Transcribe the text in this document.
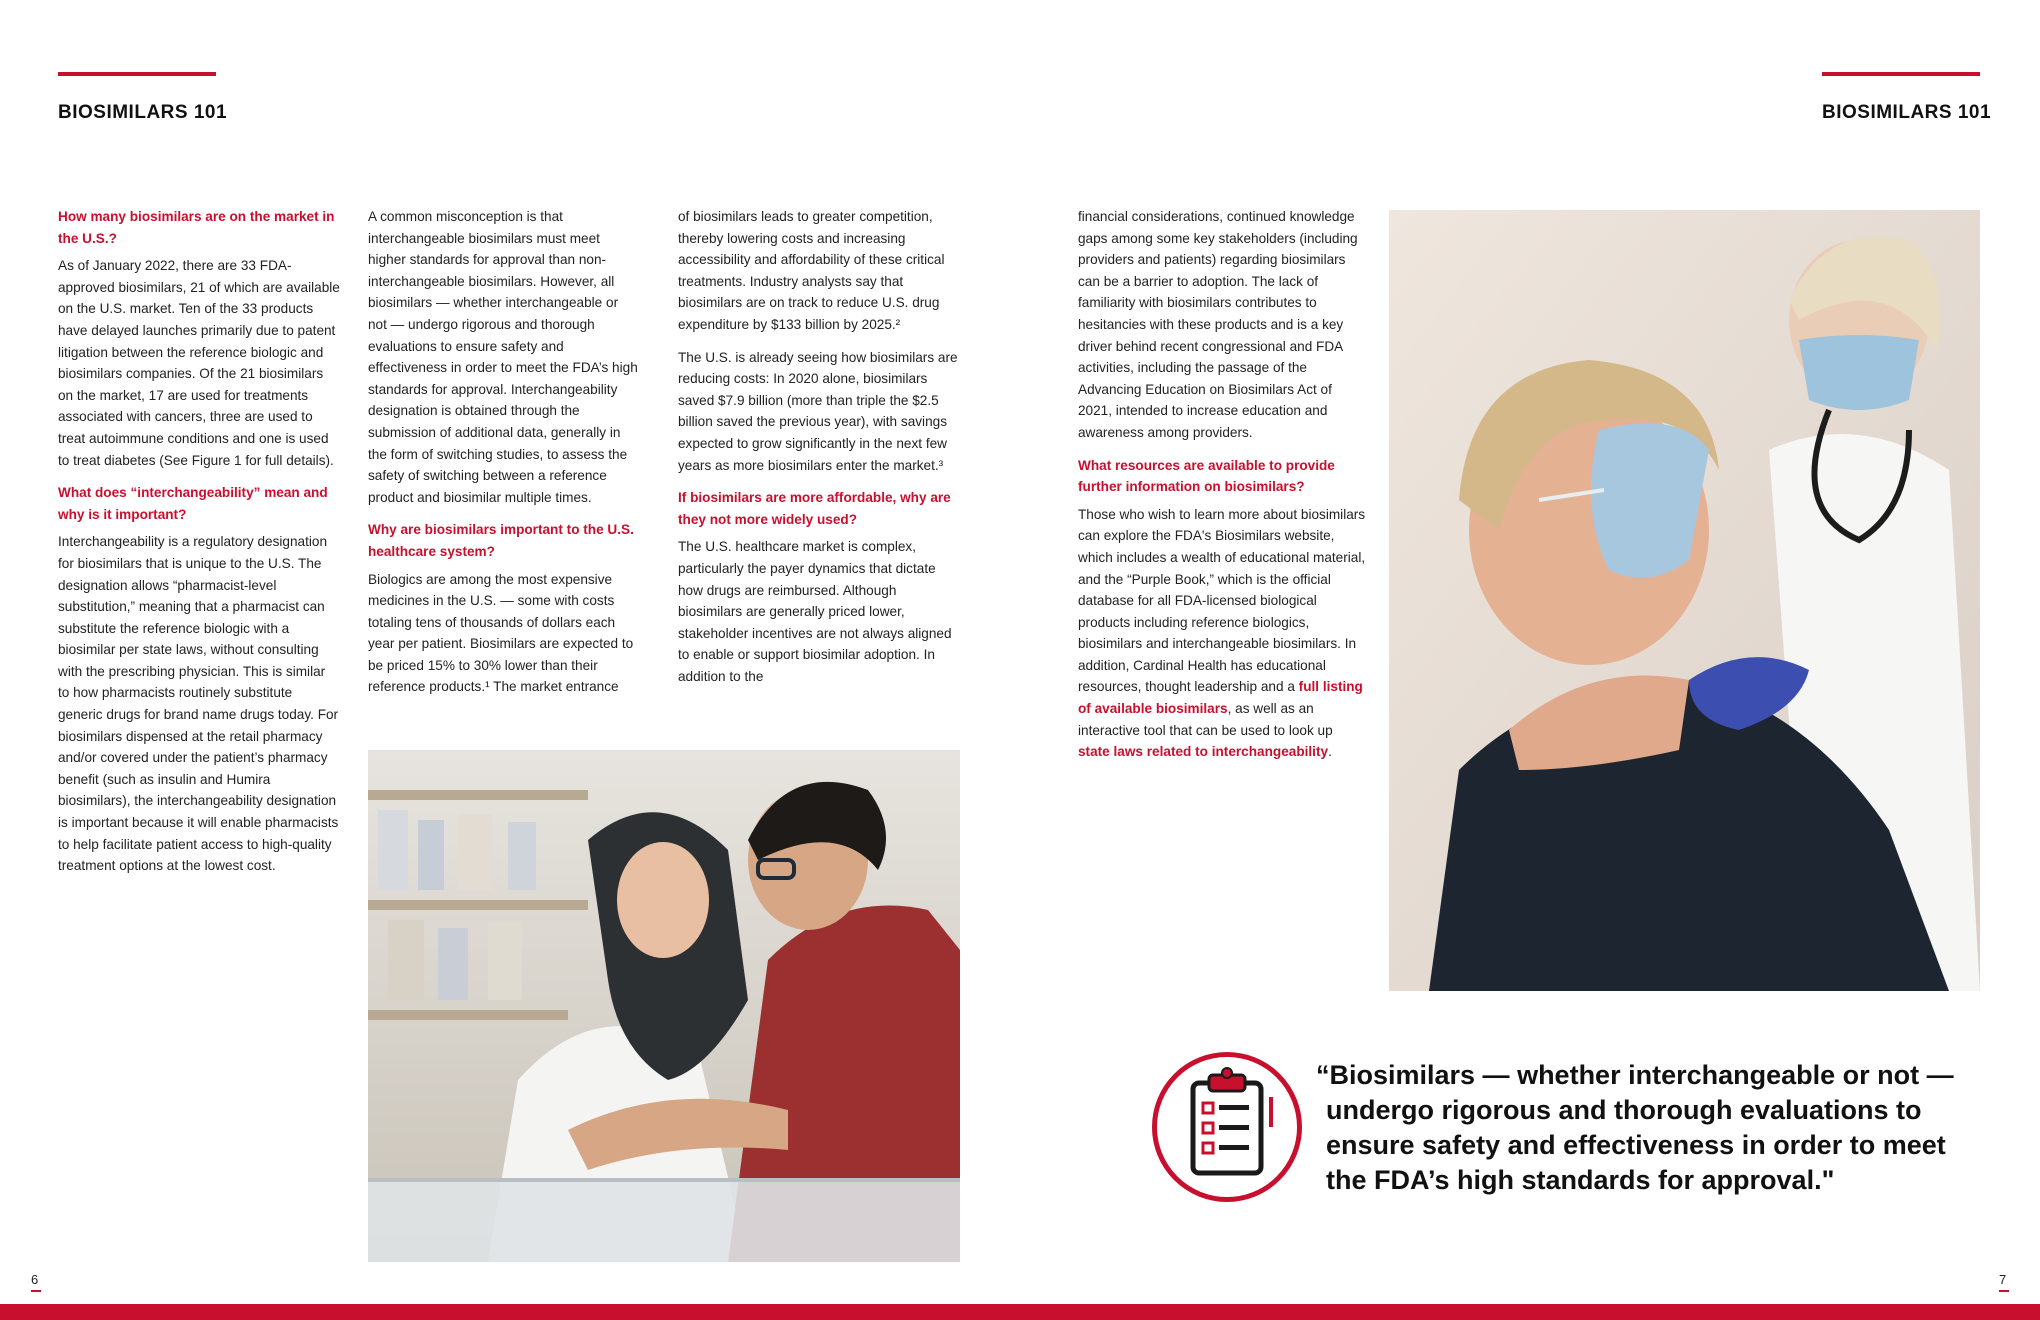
BIOSIMILARS 101	BIOSIMILARS 101

How many biosimilars are on the market in the U.S.?

As of January 2022, there are 33 FDA-approved biosimilars, 21 of which are available on the U.S. market. Ten of the 33 products have delayed launches primarily due to patent litigation between the reference biologic and biosimilars companies. Of the 21 biosimilars on the market, 17 are used for treatments associated with cancers, three are used to treat autoimmune conditions and one is used to treat diabetes (See Figure 1 for full details).

What does “interchangeability” mean and why is it important?

Interchangeability is a regulatory designation for biosimilars that is unique to the U.S. The designation allows “pharmacist-level substitution,” meaning that a pharmacist can substitute the reference biologic with a biosimilar per state laws, without consulting with the prescribing physician. This is similar to how pharmacists routinely substitute generic drugs for brand name drugs today. For biosimilars dispensed at the retail pharmacy and/or covered under the patient’s pharmacy benefit (such as insulin and Humira biosimilars), the interchangeability designation is important because it will enable pharmacists to help facilitate patient access to high-quality treatment options at the lowest cost.

A common misconception is that interchangeable biosimilars must meet higher standards for approval than non-interchangeable biosimilars. However, all biosimilars — whether interchangeable or not — undergo rigorous and thorough evaluations to ensure safety and effectiveness in order to meet the FDA’s high standards for approval. Interchangeability designation is obtained through the submission of additional data, generally in the form of switching studies, to assess the safety of switching between a reference product and biosimilar multiple times.

Why are biosimilars important to the U.S. healthcare system?

Biologics are among the most expensive medicines in the U.S. — some with costs totaling tens of thousands of dollars each year per patient. Biosimilars are expected to be priced 15% to 30% lower than their reference products.¹ The market entrance

of biosimilars leads to greater competition, thereby lowering costs and increasing accessibility and affordability of these critical treatments. Industry analysts say that biosimilars are on track to reduce U.S. drug expenditure by $133 billion by 2025.²

The U.S. is already seeing how biosimilars are reducing costs: In 2020 alone, biosimilars saved $7.9 billion (more than triple the $2.5 billion saved the previous year), with savings expected to grow significantly in the next few years as more biosimilars enter the market.³

If biosimilars are more affordable, why are they not more widely used?

The U.S. healthcare market is complex, particularly the payer dynamics that dictate how drugs are reimbursed. Although biosimilars are generally priced lower, stakeholder incentives are not always aligned to enable or support biosimilar adoption. In addition to the

financial considerations, continued knowledge gaps among some key stakeholders (including providers and patients) regarding biosimilars can be a barrier to adoption. The lack of familiarity with biosimilars contributes to hesitancies with these products and is a key driver behind recent congressional and FDA activities, including the passage of the Advancing Education on Biosimilars Act of 2021, intended to increase education and awareness among providers.

What resources are available to provide further information on biosimilars?

Those who wish to learn more about biosimilars can explore the FDA's Biosimilars website, which includes a wealth of educational material, and the “Purple Book,” which is the official database for all FDA-licensed biological products including reference biologics, biosimilars and interchangeable biosimilars. In addition, Cardinal Health has educational resources, thought leadership and a full listing of available biosimilars, as well as an interactive tool that can be used to look up state laws related to interchangeability.

“Biosimilars — whether interchangeable or not —
undergo rigorous and thorough evaluations to
ensure safety and effectiveness in order to meet
the FDA’s high standards for approval."
6	7
